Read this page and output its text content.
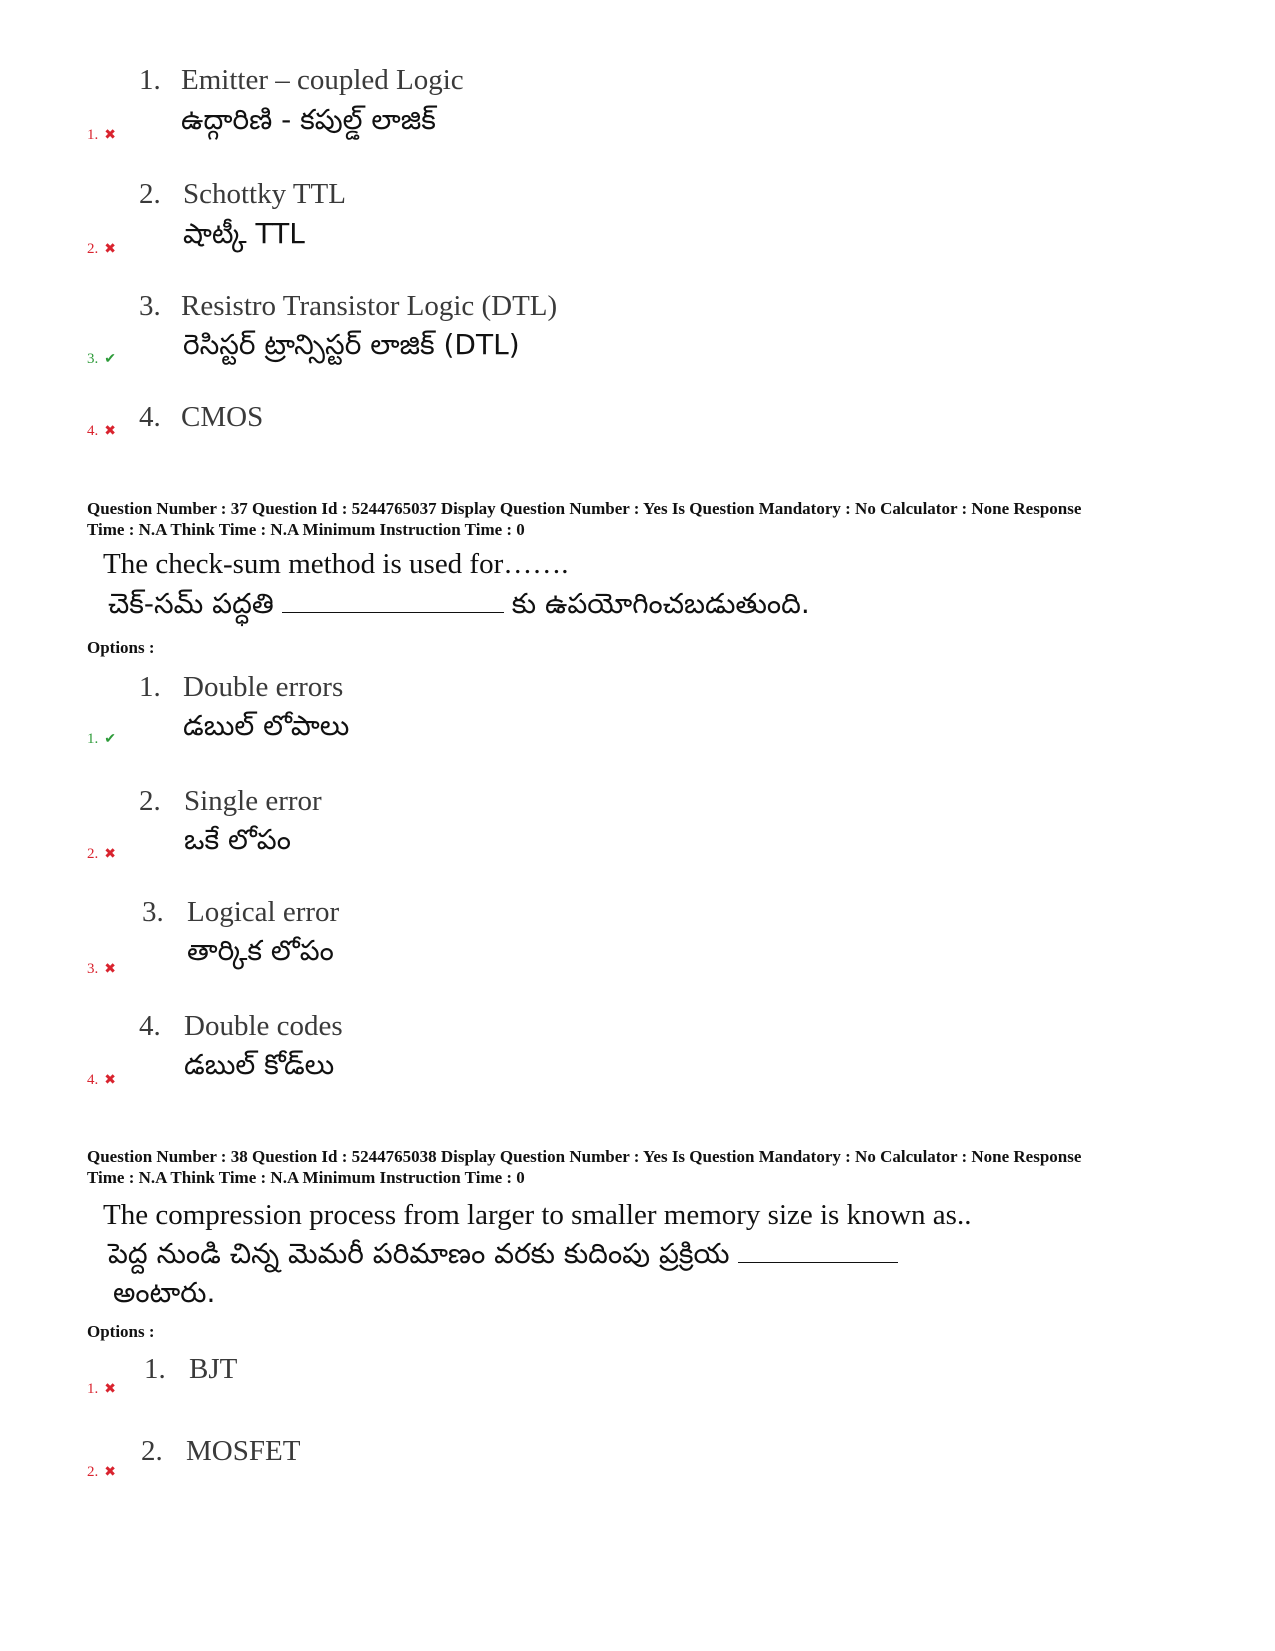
1. Emitter – coupled Logic
ఉద్గారిణి - కపుల్డ్ లాజిక్
1. ✖
2. Schottky TTL
షాట్కీ TTL
2. ✖
3. Resistro Transistor Logic (DTL)
రెసిస్టర్ ట్రాన్సిస్టర్ లాజిక్ (DTL)
3. ✔
4. CMOS
4. ✖
Question Number : 37 Question Id : 5244765037 Display Question Number : Yes Is Question Mandatory : No Calculator : None Response
Time : N.A Think Time : N.A Minimum Instruction Time : 0
The check-sum method is used for…….
చెక్-సమ్ పద్ధతి	కు ఉపయోగించబడుతుంది.
Options :
1. Double errors
డబుల్ లోపాలు
1. ✔
2. Single error
ఒకే లోపం
2. ✖
3. Logical error
తార్కిక లోపం
3. ✖
4. Double codes
డబుల్ కోడ్‌లు
4. ✖
Question Number : 38 Question Id : 5244765038 Display Question Number : Yes Is Question Mandatory : No Calculator : None Response
Time : N.A Think Time : N.A Minimum Instruction Time : 0
The compression process from larger to smaller memory size is known as..
పెద్ద నుండి చిన్న మెమరీ పరిమాణం వరకు కుదింపు ప్రక్రియ
అంటారు.
Options :
1. BJT
1. ✖
2. MOSFET
2. ✖
